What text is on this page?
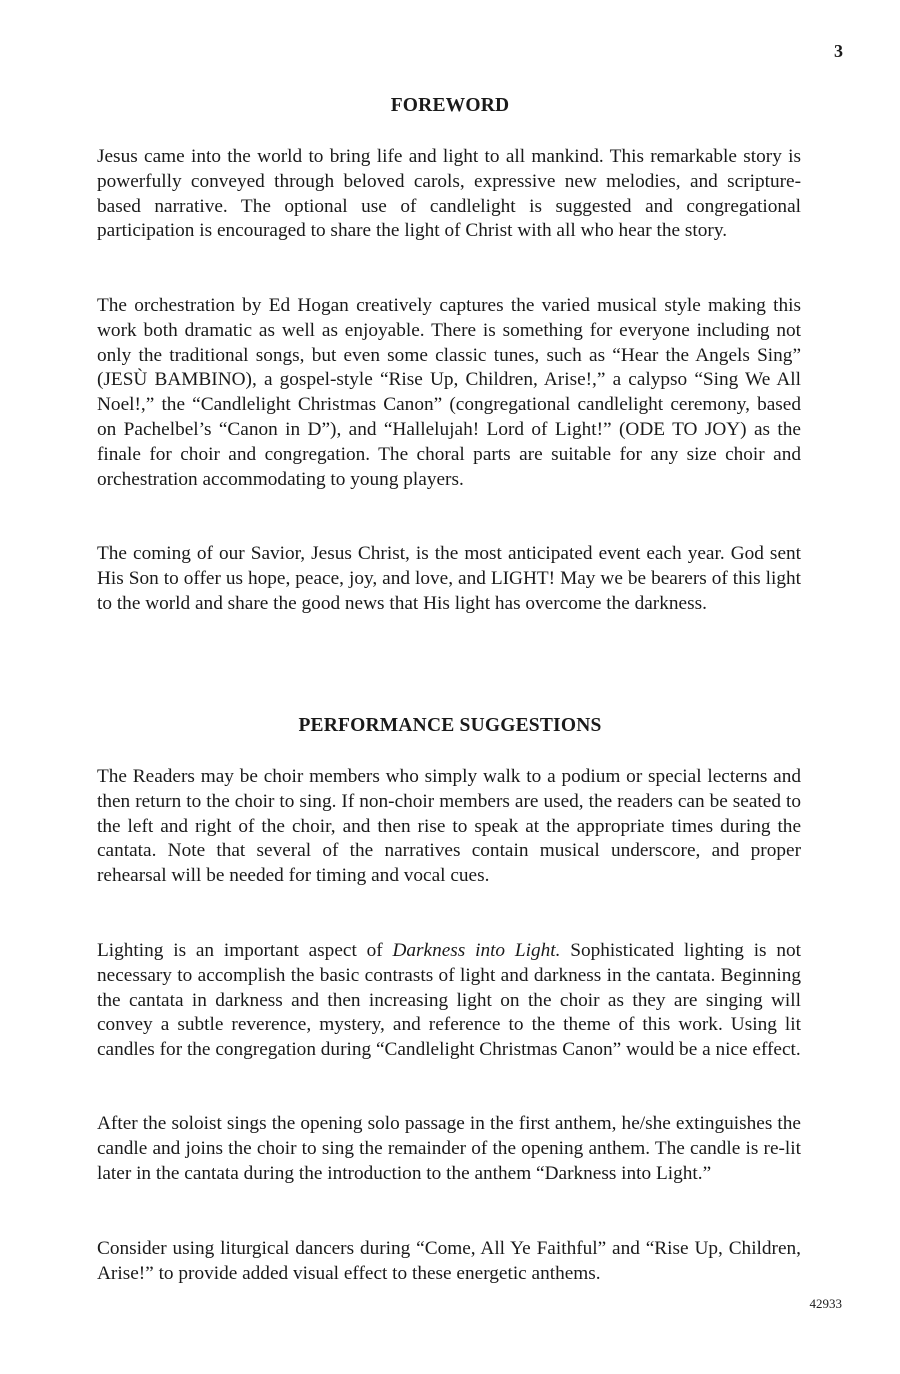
3
FOREWORD

Jesus came into the world to bring life and light to all mankind. This remarkable story is powerfully conveyed through beloved carols, expressive new melodies, and scripture-based narrative. The optional use of candlelight is suggested and congregational participation is encouraged to share the light of Christ with all who hear the story.

The orchestration by Ed Hogan creatively captures the varied musical style making this work both dramatic as well as enjoyable. There is something for everyone including not only the traditional songs, but even some classic tunes, such as “Hear the Angels Sing” (JESÙ BAMBINO), a gospel-style “Rise Up, Children, Arise!,” a calypso “Sing We All Noel!,” the “Candlelight Christmas Canon” (congregational candlelight ceremony, based on Pachelbel’s “Canon in D”), and “Hallelujah! Lord of Light!” (ODE TO JOY) as the finale for choir and congregation. The choral parts are suitable for any size choir and orchestration accommodating to young players.

The coming of our Savior, Jesus Christ, is the most anticipated event each year. God sent His Son to offer us hope, peace, joy, and love, and LIGHT! May we be bearers of this light to the world and share the good news that His light has overcome the darkness.

PERFORMANCE SUGGESTIONS

The Readers may be choir members who simply walk to a podium or special lecterns and then return to the choir to sing. If non-choir members are used, the readers can be seated to the left and right of the choir, and then rise to speak at the appropriate times during the cantata. Note that several of the narratives contain musical underscore, and proper rehearsal will be needed for timing and vocal cues.

Lighting is an important aspect of Darkness into Light. Sophisticated lighting is not necessary to accomplish the basic contrasts of light and darkness in the cantata. Beginning the cantata in darkness and then increasing light on the choir as they are singing will convey a subtle reverence, mystery, and reference to the theme of this work. Using lit candles for the congregation during “Candlelight Christmas Canon” would be a nice effect.

After the soloist sings the opening solo passage in the first anthem, he/she extinguishes the candle and joins the choir to sing the remainder of the opening anthem. The candle is re-lit later in the cantata during the introduction to the anthem “Darkness into Light.”

Consider using liturgical dancers during “Come, All Ye Faithful” and “Rise Up, Children, Arise!” to provide added visual effect to these energetic anthems.

42933
